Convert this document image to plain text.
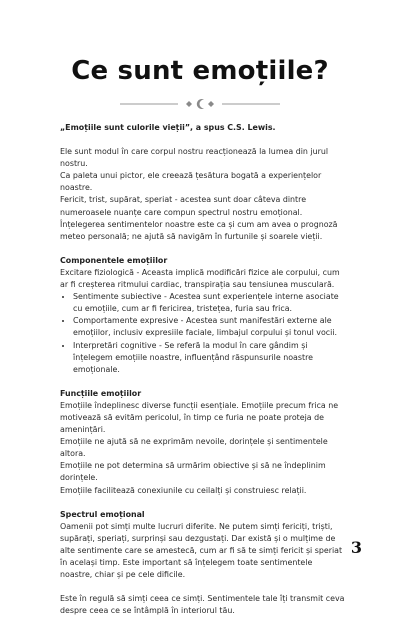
Ce sunt emoțiile?

„Emoțiile sunt culorile vieții”, a spus C.S. Lewis.

Ele sunt modul în care corpul nostru reacționează la lumea din jurul nostru.

Ca paleta unui pictor, ele creează țesătura bogată a experiențelor noastre.

Fericit, trist, supărat, speriat - acestea sunt doar câteva dintre numeroasele nuanțe care compun spectrul nostru emoțional. Înțelegerea sentimentelor noastre este ca și cum am avea o prognoză meteo personală; ne ajută să navigăm în furtunile și soarele vieții.

Componentele emoțiilor

Excitare fiziologică - Aceasta implică modificări fizice ale corpului, cum ar fi creșterea ritmului cardiac, transpirația sau tensiunea musculară.

• Sentimente subiective - Acestea sunt experiențele interne asociate cu emoțiile, cum ar fi fericirea, tristețea, furia sau frica.
• Comportamente expresive - Acestea sunt manifestări externe ale emoțiilor, inclusiv expresiile faciale, limbajul corpului și tonul vocii.
• Interpretări cognitive - Se referă la modul în care gândim și înțelegem emoțiile noastre, influențând răspunsurile noastre emoționale.

Funcțiile emoțiilor

Emoțiile îndeplinesc diverse funcții esențiale. Emoțiile precum frica ne motivează să evităm pericolul, în timp ce furia ne poate proteja de amenințări.

Emoțiile ne ajută să ne exprimăm nevoile, dorințele și sentimentele altora.

Emoțiile ne pot determina să urmărim obiective și să ne îndeplinim dorințele.

Emoțiile facilitează conexiunile cu ceilalți și construiesc relații.

Spectrul emoțional

Oamenii pot simți multe lucruri diferite. Ne putem simți fericiți, triști, supărați, speriați, surprinși sau dezgustați. Dar există și o mulțime de alte sentimente care se amestecă, cum ar fi să te simți fericit și speriat în același timp. Este important să înțelegem toate sentimentele noastre, chiar și pe cele dificile.

Este în regulă să simți ceea ce simți. Sentimentele tale îți transmit ceva despre ceea ce se întâmplă în interiorul tău.

3
